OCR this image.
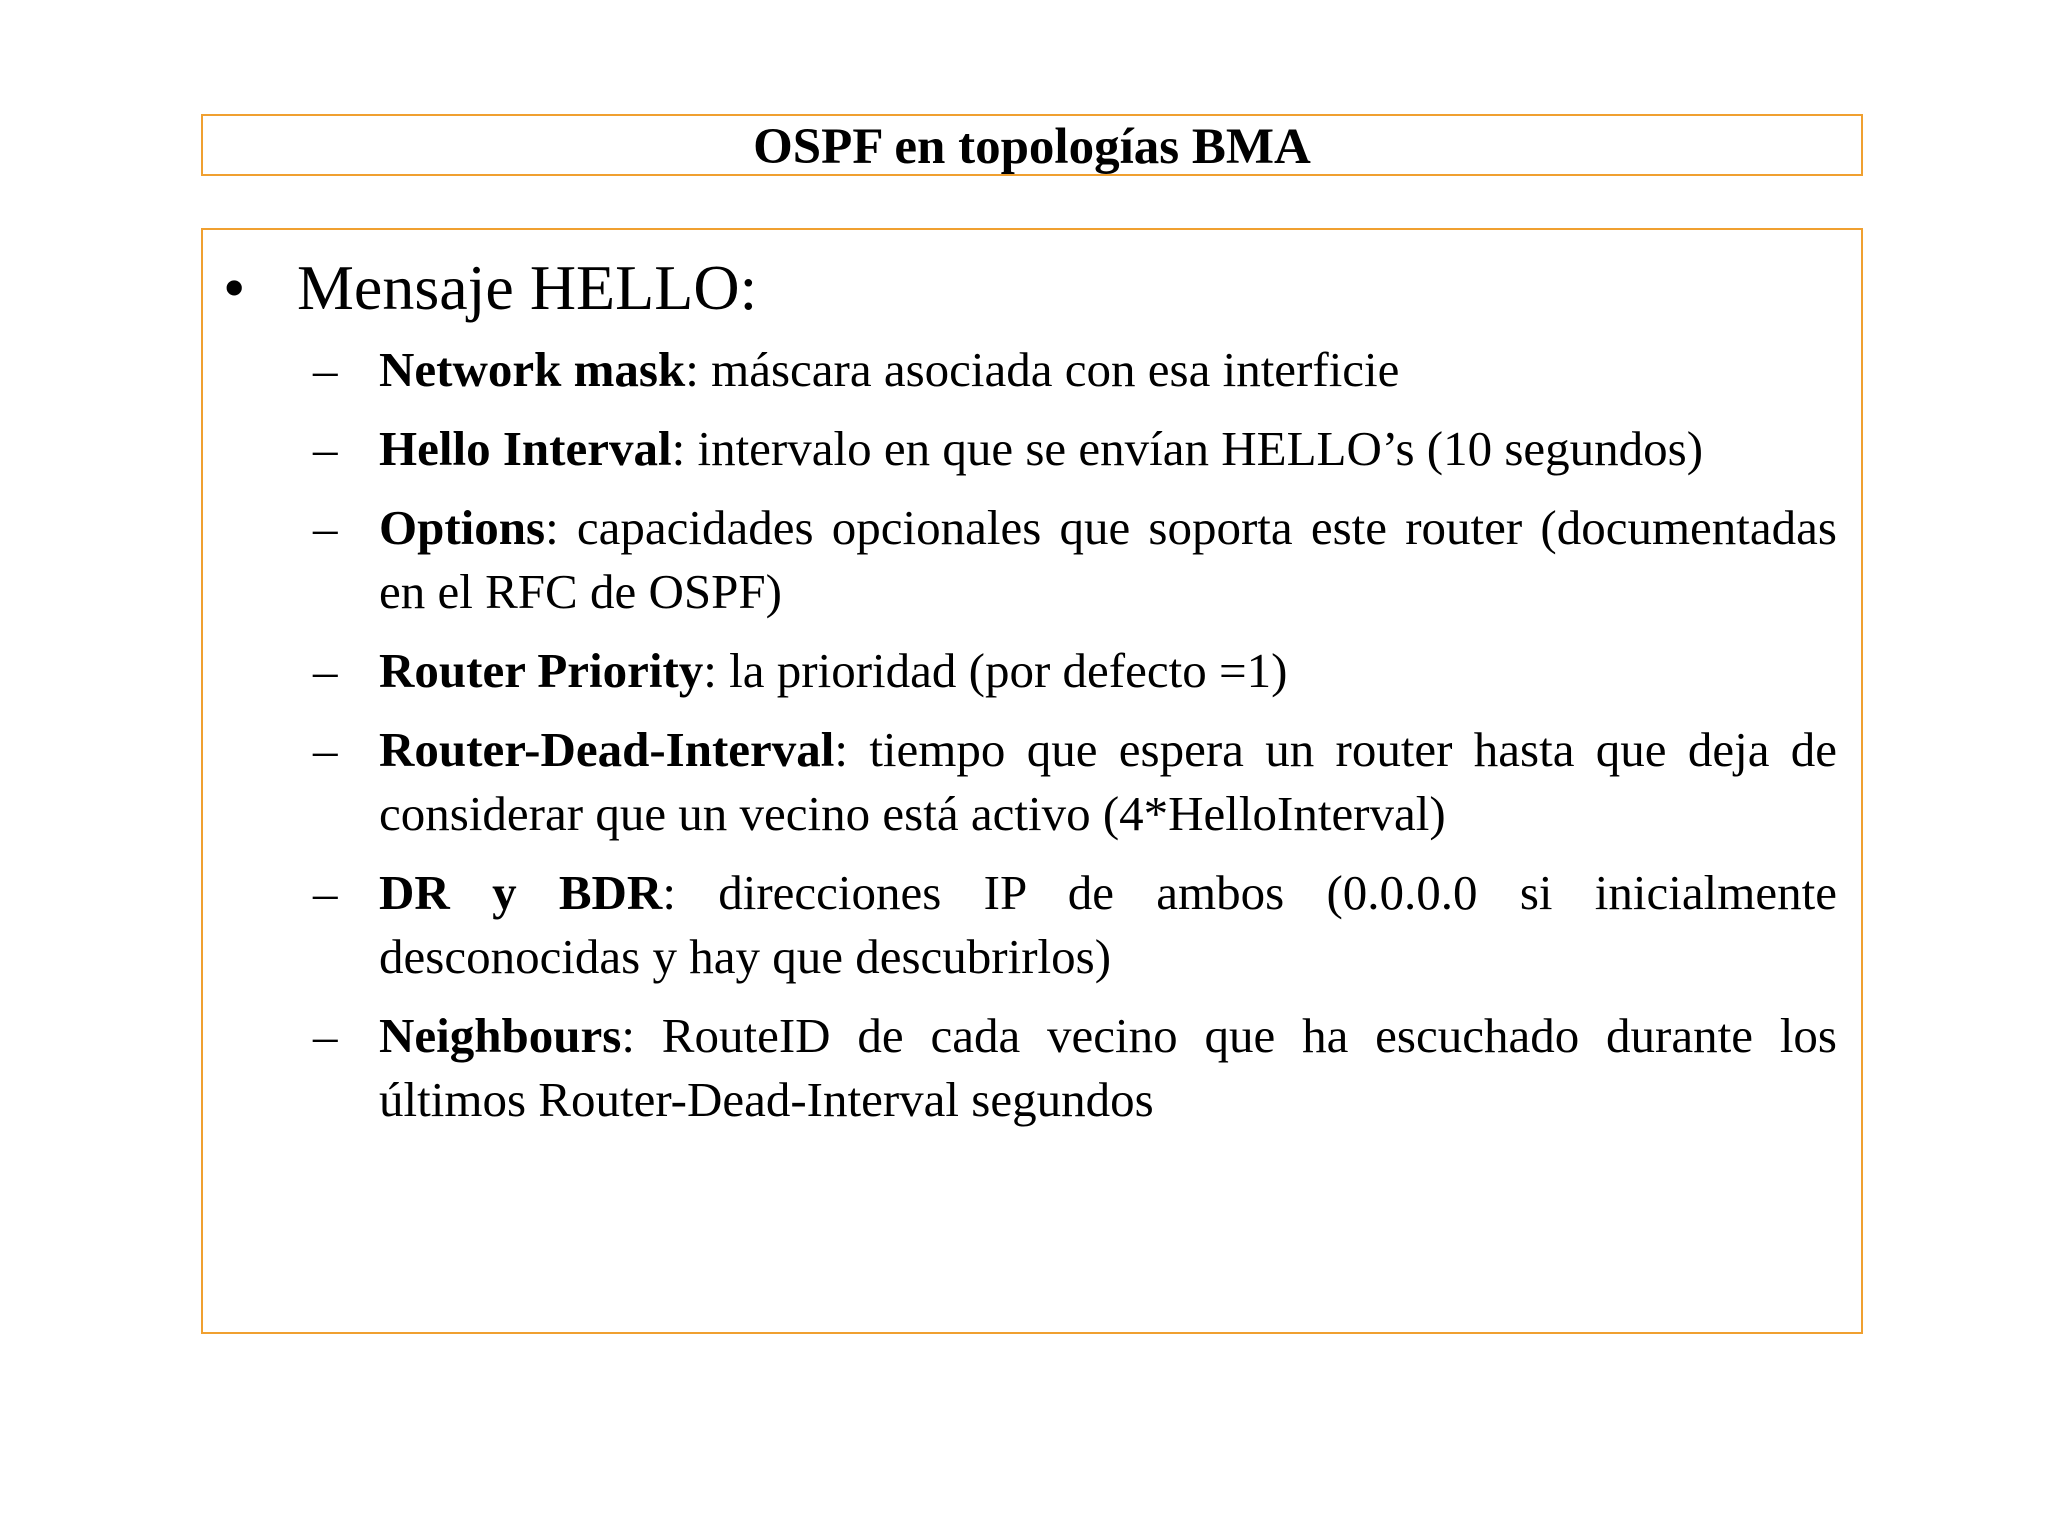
OSPF en topologías BMA
• Mensaje HELLO:
– Network mask: máscara asociada con esa interficie
– Hello Interval: intervalo en que se envían HELLO’s (10 segundos)
– Options: capacidades opcionales que soporta este router (documentadas en el RFC de OSPF)
– Router Priority: la prioridad (por defecto =1)
– Router-Dead-Interval: tiempo que espera un router hasta que deja de considerar que un vecino está activo (4*HelloInterval)
– DR y BDR: direcciones IP de ambos (0.0.0.0 si inicialmente desconocidas y hay que descubrirlos)
– Neighbours: RouteID de cada vecino que ha escuchado durante los últimos Router-Dead-Interval segundos
